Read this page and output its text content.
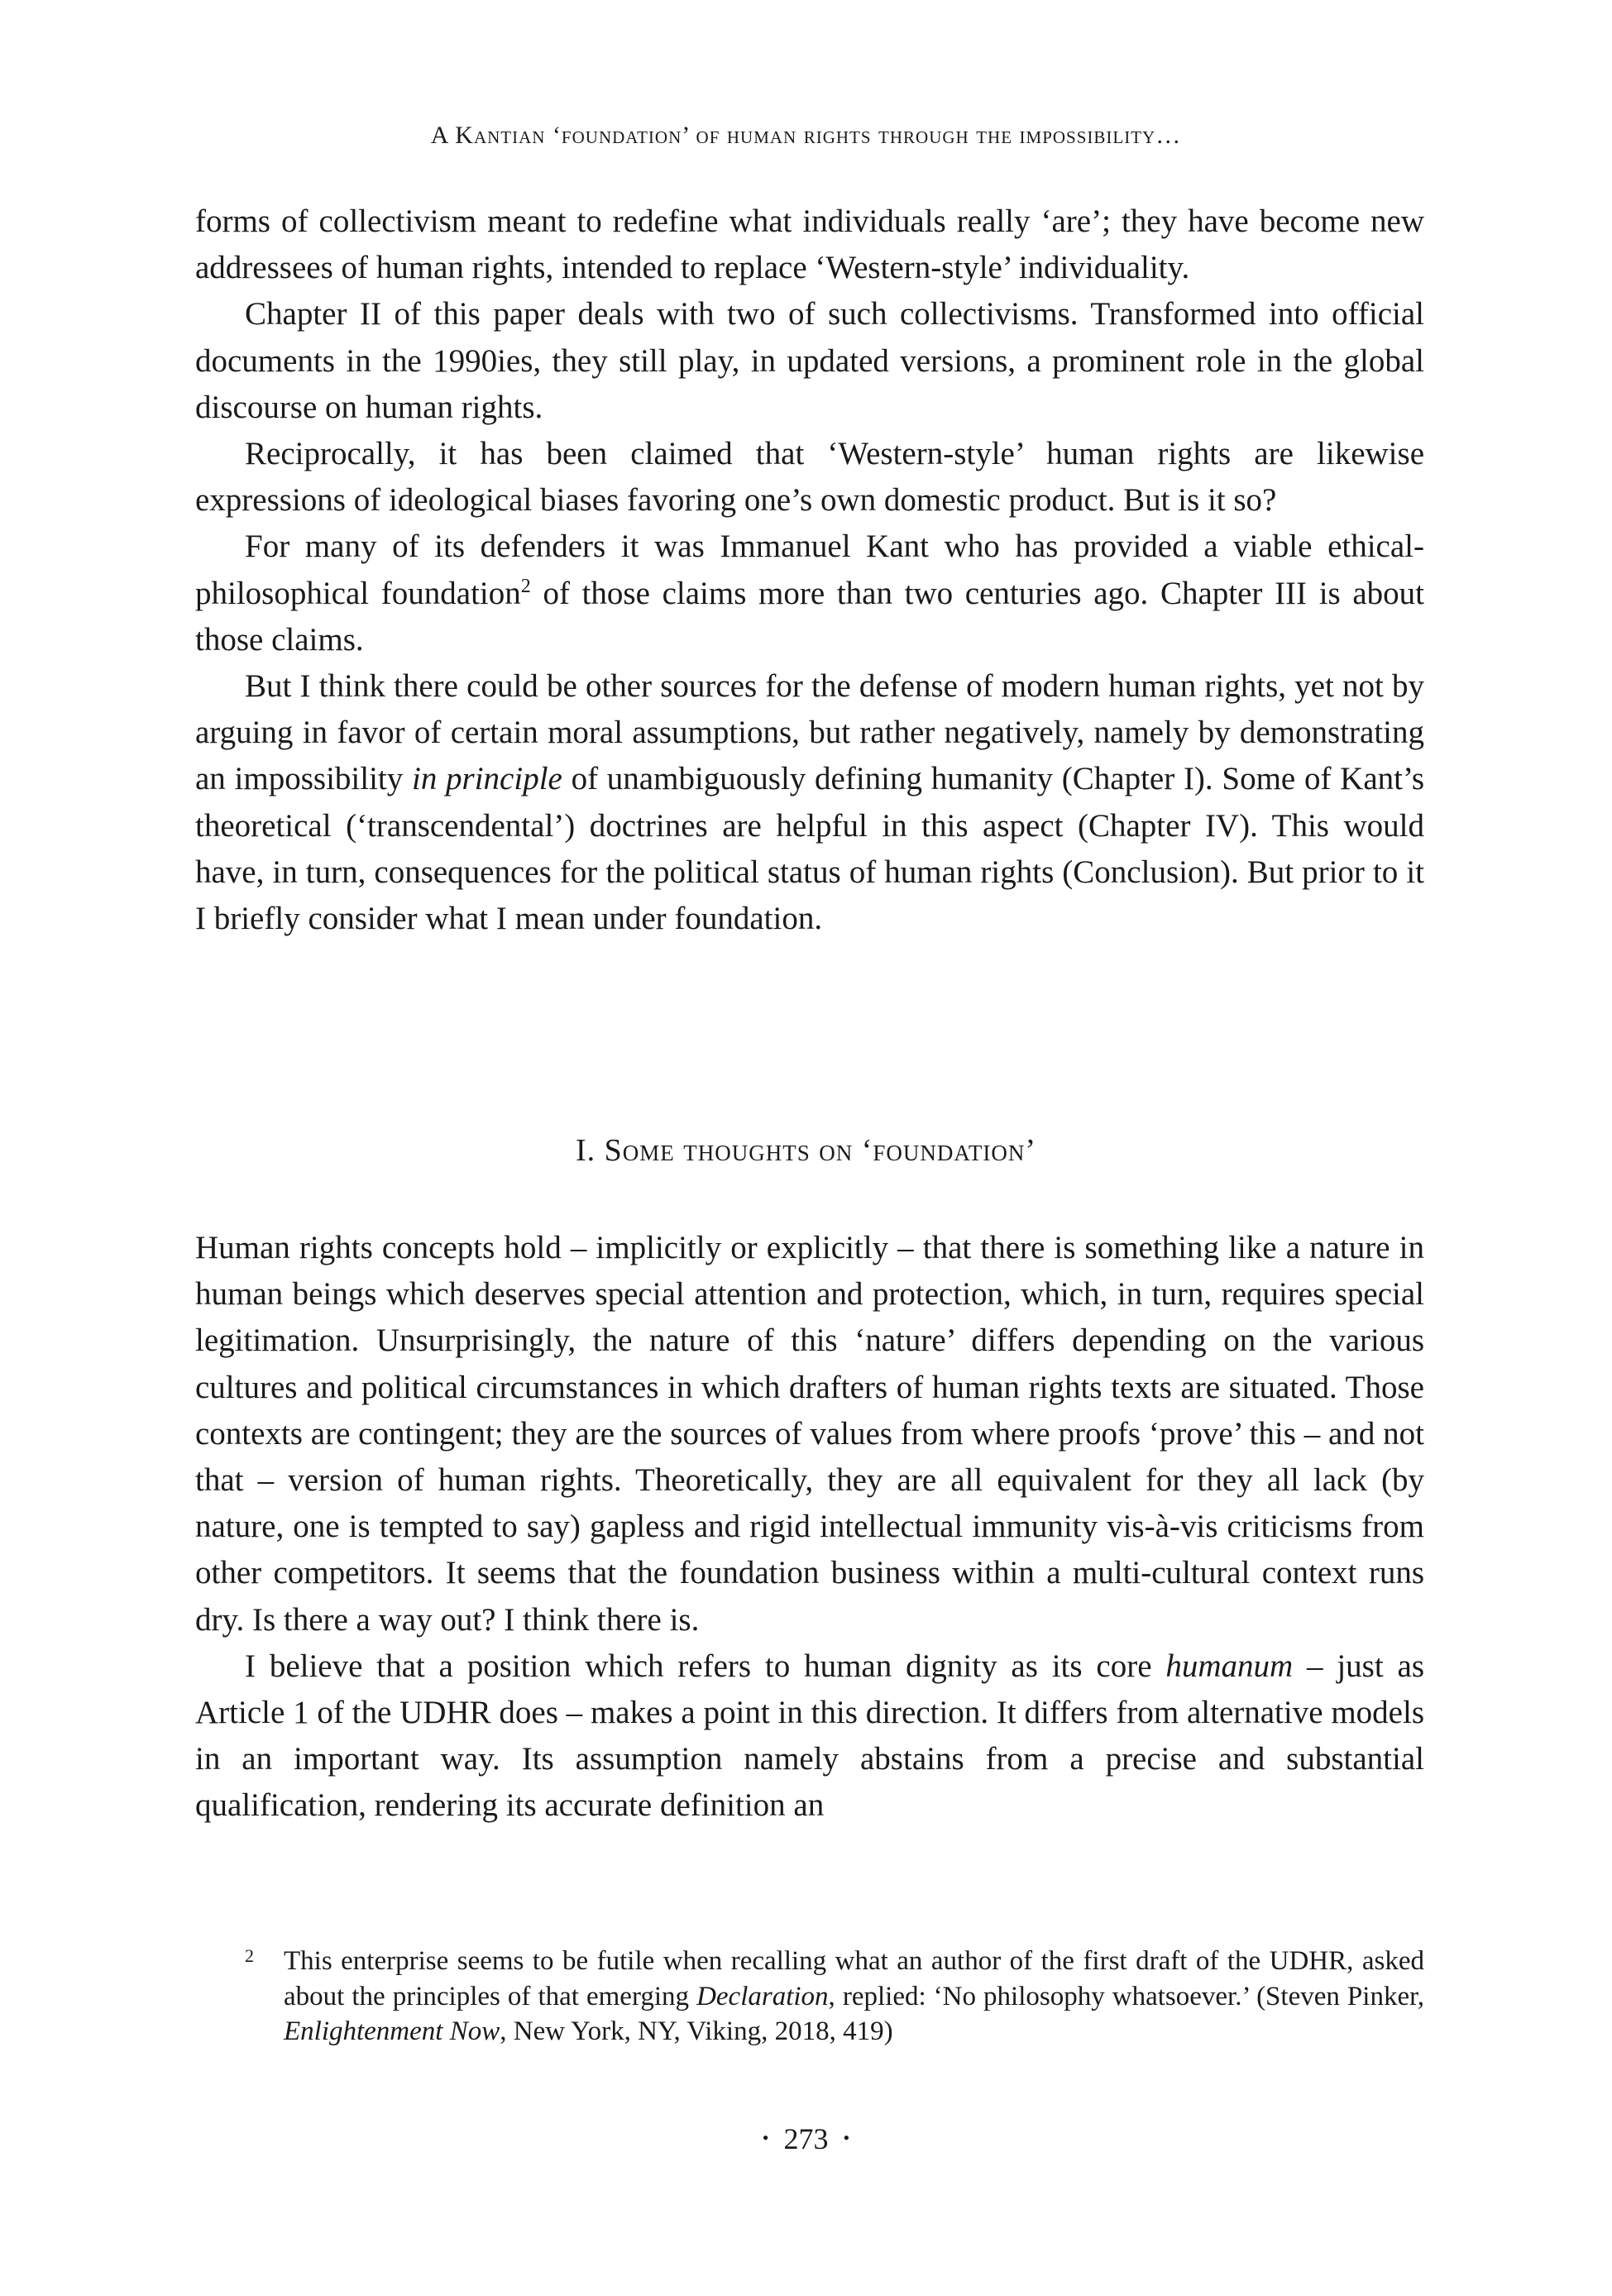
A Kantian ‘foundation’ of human rights through the impossibility…

forms of collectivism meant to redefine what individuals really ‘are’; they have become new addressees of human rights, intended to replace ‘Western-style’ individuality.

Chapter II of this paper deals with two of such collectivisms. Transformed into official documents in the 1990ies, they still play, in updated versions, a prominent role in the global discourse on human rights.

Reciprocally, it has been claimed that ‘Western-style’ human rights are likewise expressions of ideological biases favoring one’s own domestic product. But is it so?

For many of its defenders it was Immanuel Kant who has provided a viable ethical-philosophical foundation$^2$ of those claims more than two centuries ago. Chapter III is about those claims.

But I think there could be other sources for the defense of modern human rights, yet not by arguing in favor of certain moral assumptions, but rather negatively, namely by demonstrating an impossibility in principle of unambiguously defining humanity (Chapter I). Some of Kant’s theoretical (‘transcendental’) doctrines are helpful in this aspect (Chapter IV). This would have, in turn, consequences for the political status of human rights (Conclusion). But prior to it I briefly consider what I mean under foundation.

I. Some thoughts on ‘foundation’

Human rights concepts hold – implicitly or explicitly – that there is something like a nature in human beings which deserves special attention and protection, which, in turn, requires special legitimation. Unsurprisingly, the nature of this ‘nature’ differs depending on the various cultures and political circumstances in which drafters of human rights texts are situated. Those contexts are contingent; they are the sources of values from where proofs ‘prove’ this – and not that – version of human rights. Theoretically, they are all equivalent for they all lack (by nature, one is tempted to say) gapless and rigid intellectual immunity vis-à-vis criticisms from other competitors. It seems that the foundation business within a multi-cultural context runs dry. Is there a way out? I think there is.

I believe that a position which refers to human dignity as its core humanum – just as Article 1 of the UDHR does – makes a point in this direction. It differs from alternative models in an important way. Its assumption namely abstains from a precise and substantial qualification, rendering its accurate definition an

2 This enterprise seems to be futile when recalling what an author of the first draft of the UDHR, asked about the principles of that emerging Declaration, replied: ‘No philosophy whatsoever.’ (Steven Pinker, Enlightenment Now, New York, NY, Viking, 2018, 419)
• 273 •
